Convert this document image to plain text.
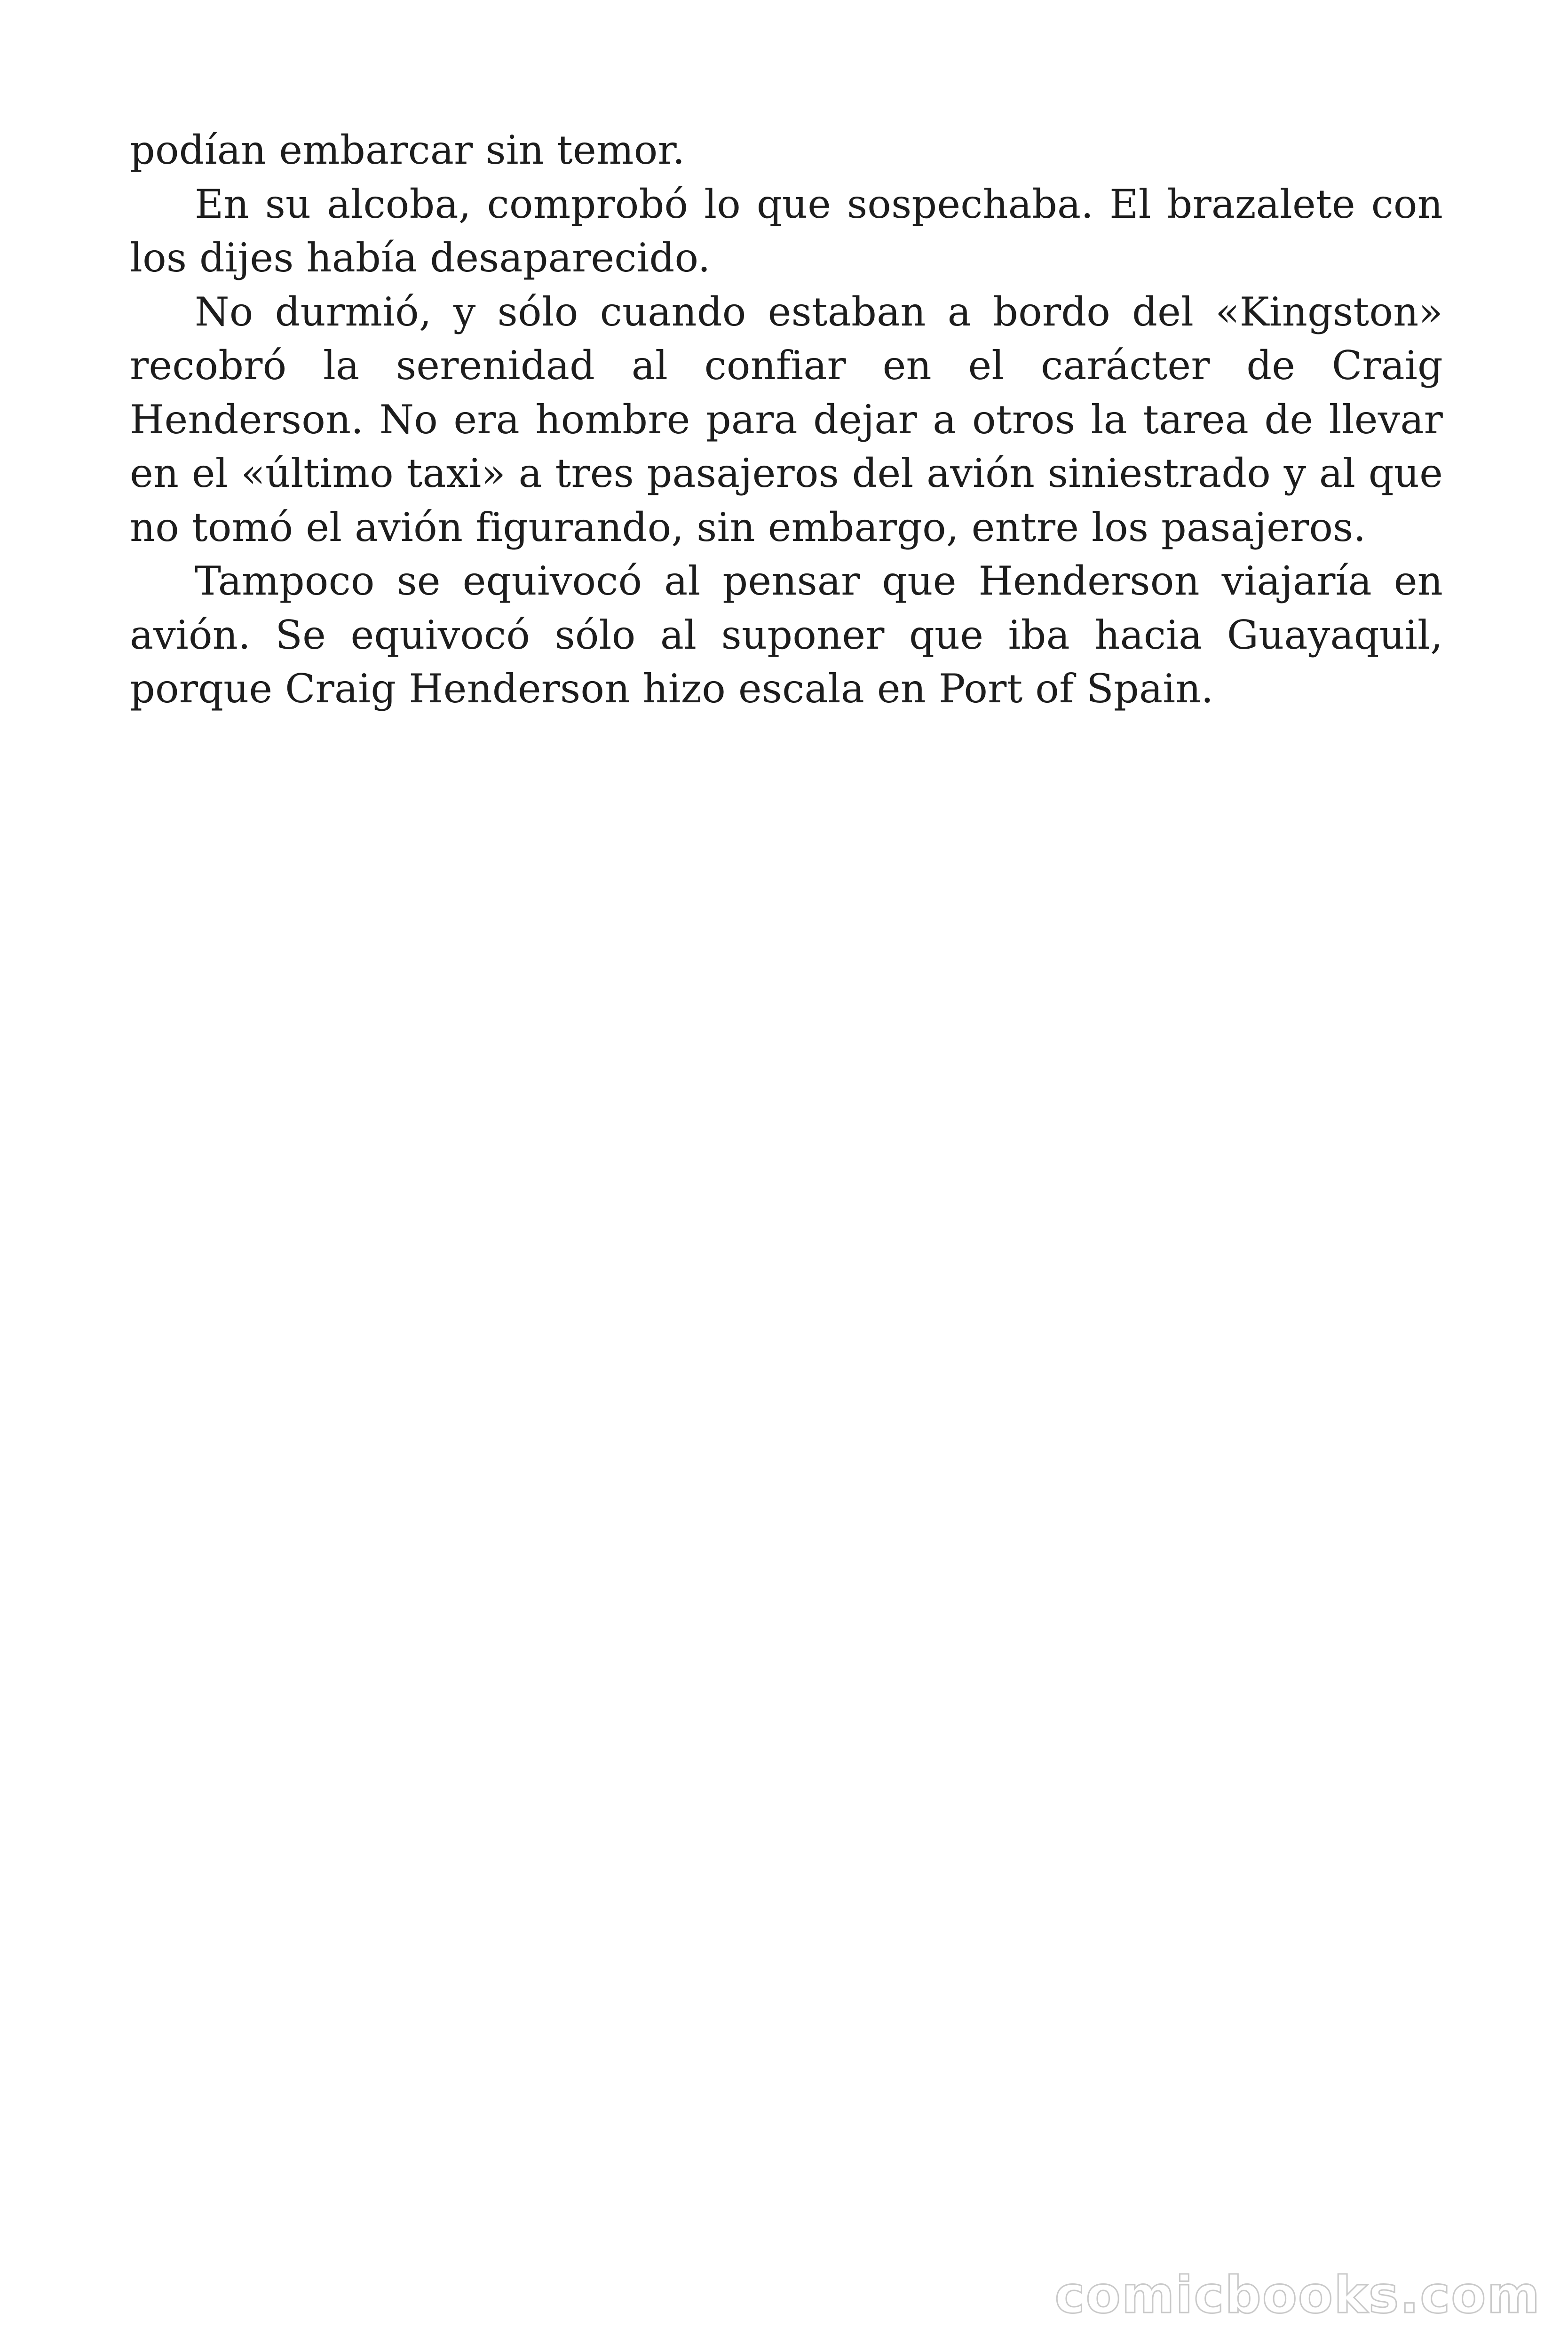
podían embarcar sin temor.

En su alcoba, comprobó lo que sospechaba. El brazalete con los dijes había desaparecido.

No durmió, y sólo cuando estaban a bordo del «Kingston» recobró la serenidad al confiar en el carácter de Craig Henderson. No era hombre para dejar a otros la tarea de llevar en el «último taxi» a tres pasajeros del avión siniestrado y al que no tomó el avión figurando, sin embargo, entre los pasajeros.

Tampoco se equivocó al pensar que Henderson viajaría en avión. Se equivocó sólo al suponer que iba hacia Guayaquil, porque Craig Henderson hizo escala en Port of Spain.

comicbooks.com
